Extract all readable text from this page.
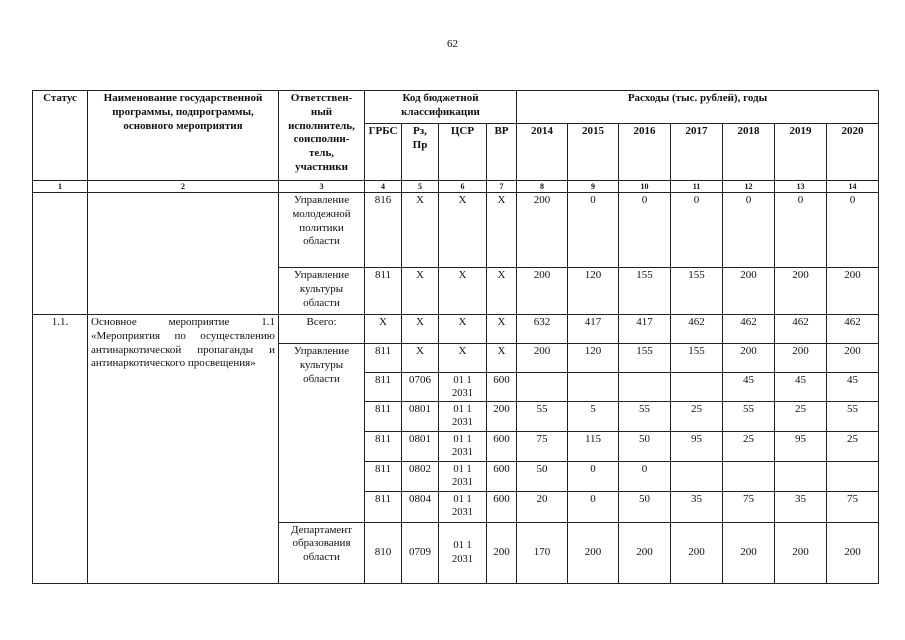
62
Статус	Наименование государственной программы, подпрограммы, основного мероприятия	Ответствен-ный исполнитель, соисполни-тель, участники	Код бюджетной классификации				Расходы (тыс. рублей), годы						
			ГРБС	Рз, Пр	ЦСР	ВР	2014	2015	2016	2017	2018	2019	2020
1	2	3	4	5	6	7	8	9	10	11	12	13	14
		Управление молодежной политики области	816	Х	Х	Х	200	0	0	0	0	0	0
		Управление культуры области	811	Х	Х	Х	200	120	155	155	200	200	200
1.1.	Основное мероприятие 1.1 «Мероприятия по осуществлению антинаркотической пропаганды и антинаркотического просвещения»	Всего:	Х	Х	Х	Х	632	417	417	462	462	462	462
		Управление культуры области	811	Х	Х	Х	200	120	155	155	200	200	200
			811	0706	01 1 2031	600					45	45	45
			811	0801	01 1 2031	200	55	5	55	25	55	25	55
			811	0801	01 1 2031	600	75	115	50	95	25	95	25
			811	0802	01 1 2031	600	50	0	0				
			811	0804	01 1 2031	600	20	0	50	35	75	35	75
		Департамент образования области	810	0709	01 1 2031	200	170	200	200	200	200	200	200
